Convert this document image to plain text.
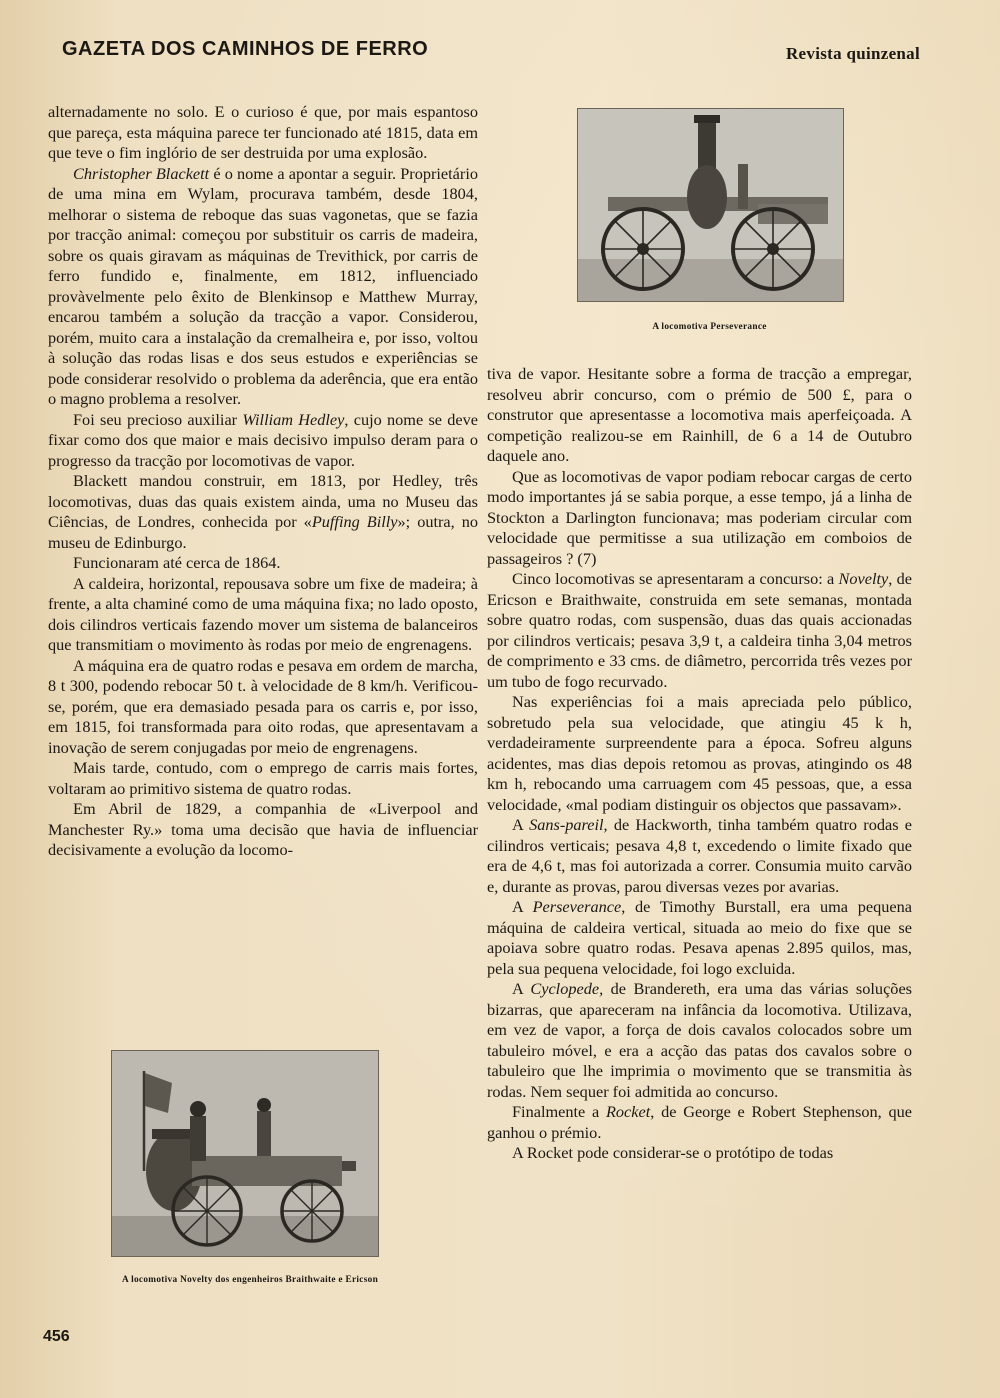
GAZETA DOS CAMINHOS DE FERRO	Revista quinzenal

alternadamente no solo. E o curioso é que, por mais espantoso que pareça, esta máquina parece ter funcionado até 1815, data em que teve o fim inglório de ser destruida por uma explosão.

Christopher Blackett é o nome a apontar a seguir. Proprietário de uma mina em Wylam, procurava também, desde 1804, melhorar o sistema de reboque das suas vagonetas, que se fazia por tracção animal: começou por substituir os carris de madeira, sobre os quais giravam as máquinas de Trevithick, por carris de ferro fundido e, finalmente, em 1812, influenciado provàvelmente pelo êxito de Blenkinsop e Matthew Murray, encarou também a solução da tracção a vapor. Considerou, porém, muito cara a instalação da cremalheira e, por isso, voltou à solução das rodas lisas e dos seus estudos e experiências se pode considerar resolvido o problema da aderência, que era então o magno problema a resolver.

Foi seu precioso auxiliar William Hedley, cujo nome se deve fixar como dos que maior e mais decisivo impulso deram para o progresso da tracção por locomotivas de vapor.

Blackett mandou construir, em 1813, por Hedley, três locomotivas, duas das quais existem ainda, uma no Museu das Ciências, de Londres, conhecida por «Puffing Billy»; outra, no museu de Edinburgo.

Funcionaram até cerca de 1864.

A caldeira, horizontal, repousava sobre um fixe de madeira; à frente, a alta chaminé como de uma máquina fixa; no lado oposto, dois cilindros verticais fazendo mover um sistema de balanceiros que transmitiam o movimento às rodas por meio de engrenagens.

A máquina era de quatro rodas e pesava em ordem de marcha, 8 t 300, podendo rebocar 50 t. à velocidade de 8 km/h. Verificou-se, porém, que era demasiado pesada para os carris e, por isso, em 1815, foi transformada para oito rodas, que apresentavam a inovação de serem conjugadas por meio de engrenagens.

Mais tarde, contudo, com o emprego de carris mais fortes, voltaram ao primitivo sistema de quatro rodas.

Em Abril de 1829, a companhia de «Liverpool and Manchester Ry.» toma uma decisão que havia de influenciar decisivamente a evolução da locomo-

A locomotiva Perseverance

tiva de vapor. Hesitante sobre a forma de tracção a empregar, resolveu abrir concurso, com o prémio de 500 £, para o construtor que apresentasse a locomotiva mais aperfeiçoada. A competição realizou-se em Rainhill, de 6 a 14 de Outubro daquele ano.

Que as locomotivas de vapor podiam rebocar cargas de certo modo importantes já se sabia porque, a esse tempo, já a linha de Stockton a Darlington funcionava; mas poderiam circular com velocidade que permitisse a sua utilização em comboios de passageiros ? (7)

Cinco locomotivas se apresentaram a concurso: a Novelty, de Ericson e Braithwaite, construida em sete semanas, montada sobre quatro rodas, com suspensão, duas das quais accionadas por cilindros verticais; pesava 3,9 t, a caldeira tinha 3,04 metros de comprimento e 33 cms. de diâmetro, percorrida três vezes por um tubo de fogo recurvado.

Nas experiências foi a mais apreciada pelo público, sobretudo pela sua velocidade, que atingiu 45 k h, verdadeiramente surpreendente para a época. Sofreu alguns acidentes, mas dias depois retomou as provas, atingindo os 48 km h, rebocando uma carruagem com 45 pessoas, que, a essa velocidade, «mal podiam distinguir os objectos que passavam».

A Sans-pareil, de Hackworth, tinha também quatro rodas e cilindros verticais; pesava 4,8 t, excedendo o limite fixado que era de 4,6 t, mas foi autorizada a correr. Consumia muito carvão e, durante as provas, parou diversas vezes por avarias.

A Perseverance, de Timothy Burstall, era uma pequena máquina de caldeira vertical, situada ao meio do fixe que se apoiava sobre quatro rodas. Pesava apenas 2.895 quilos, mas, pela sua pequena velocidade, foi logo excluida.

A Cyclopede, de Brandereth, era uma das várias soluções bizarras, que apareceram na infância da locomotiva. Utilizava, em vez de vapor, a força de dois cavalos colocados sobre um tabuleiro móvel, e era a acção das patas dos cavalos sobre o tabuleiro que lhe imprimia o movimento que se transmitia às rodas. Nem sequer foi admitida ao concurso.

Finalmente a Rocket, de George e Robert Stephenson, que ganhou o prémio.

A Rocket pode considerar-se o protótipo de todas

A locomotiva Novelty dos engenheiros Braithwaite e Ericson
456
